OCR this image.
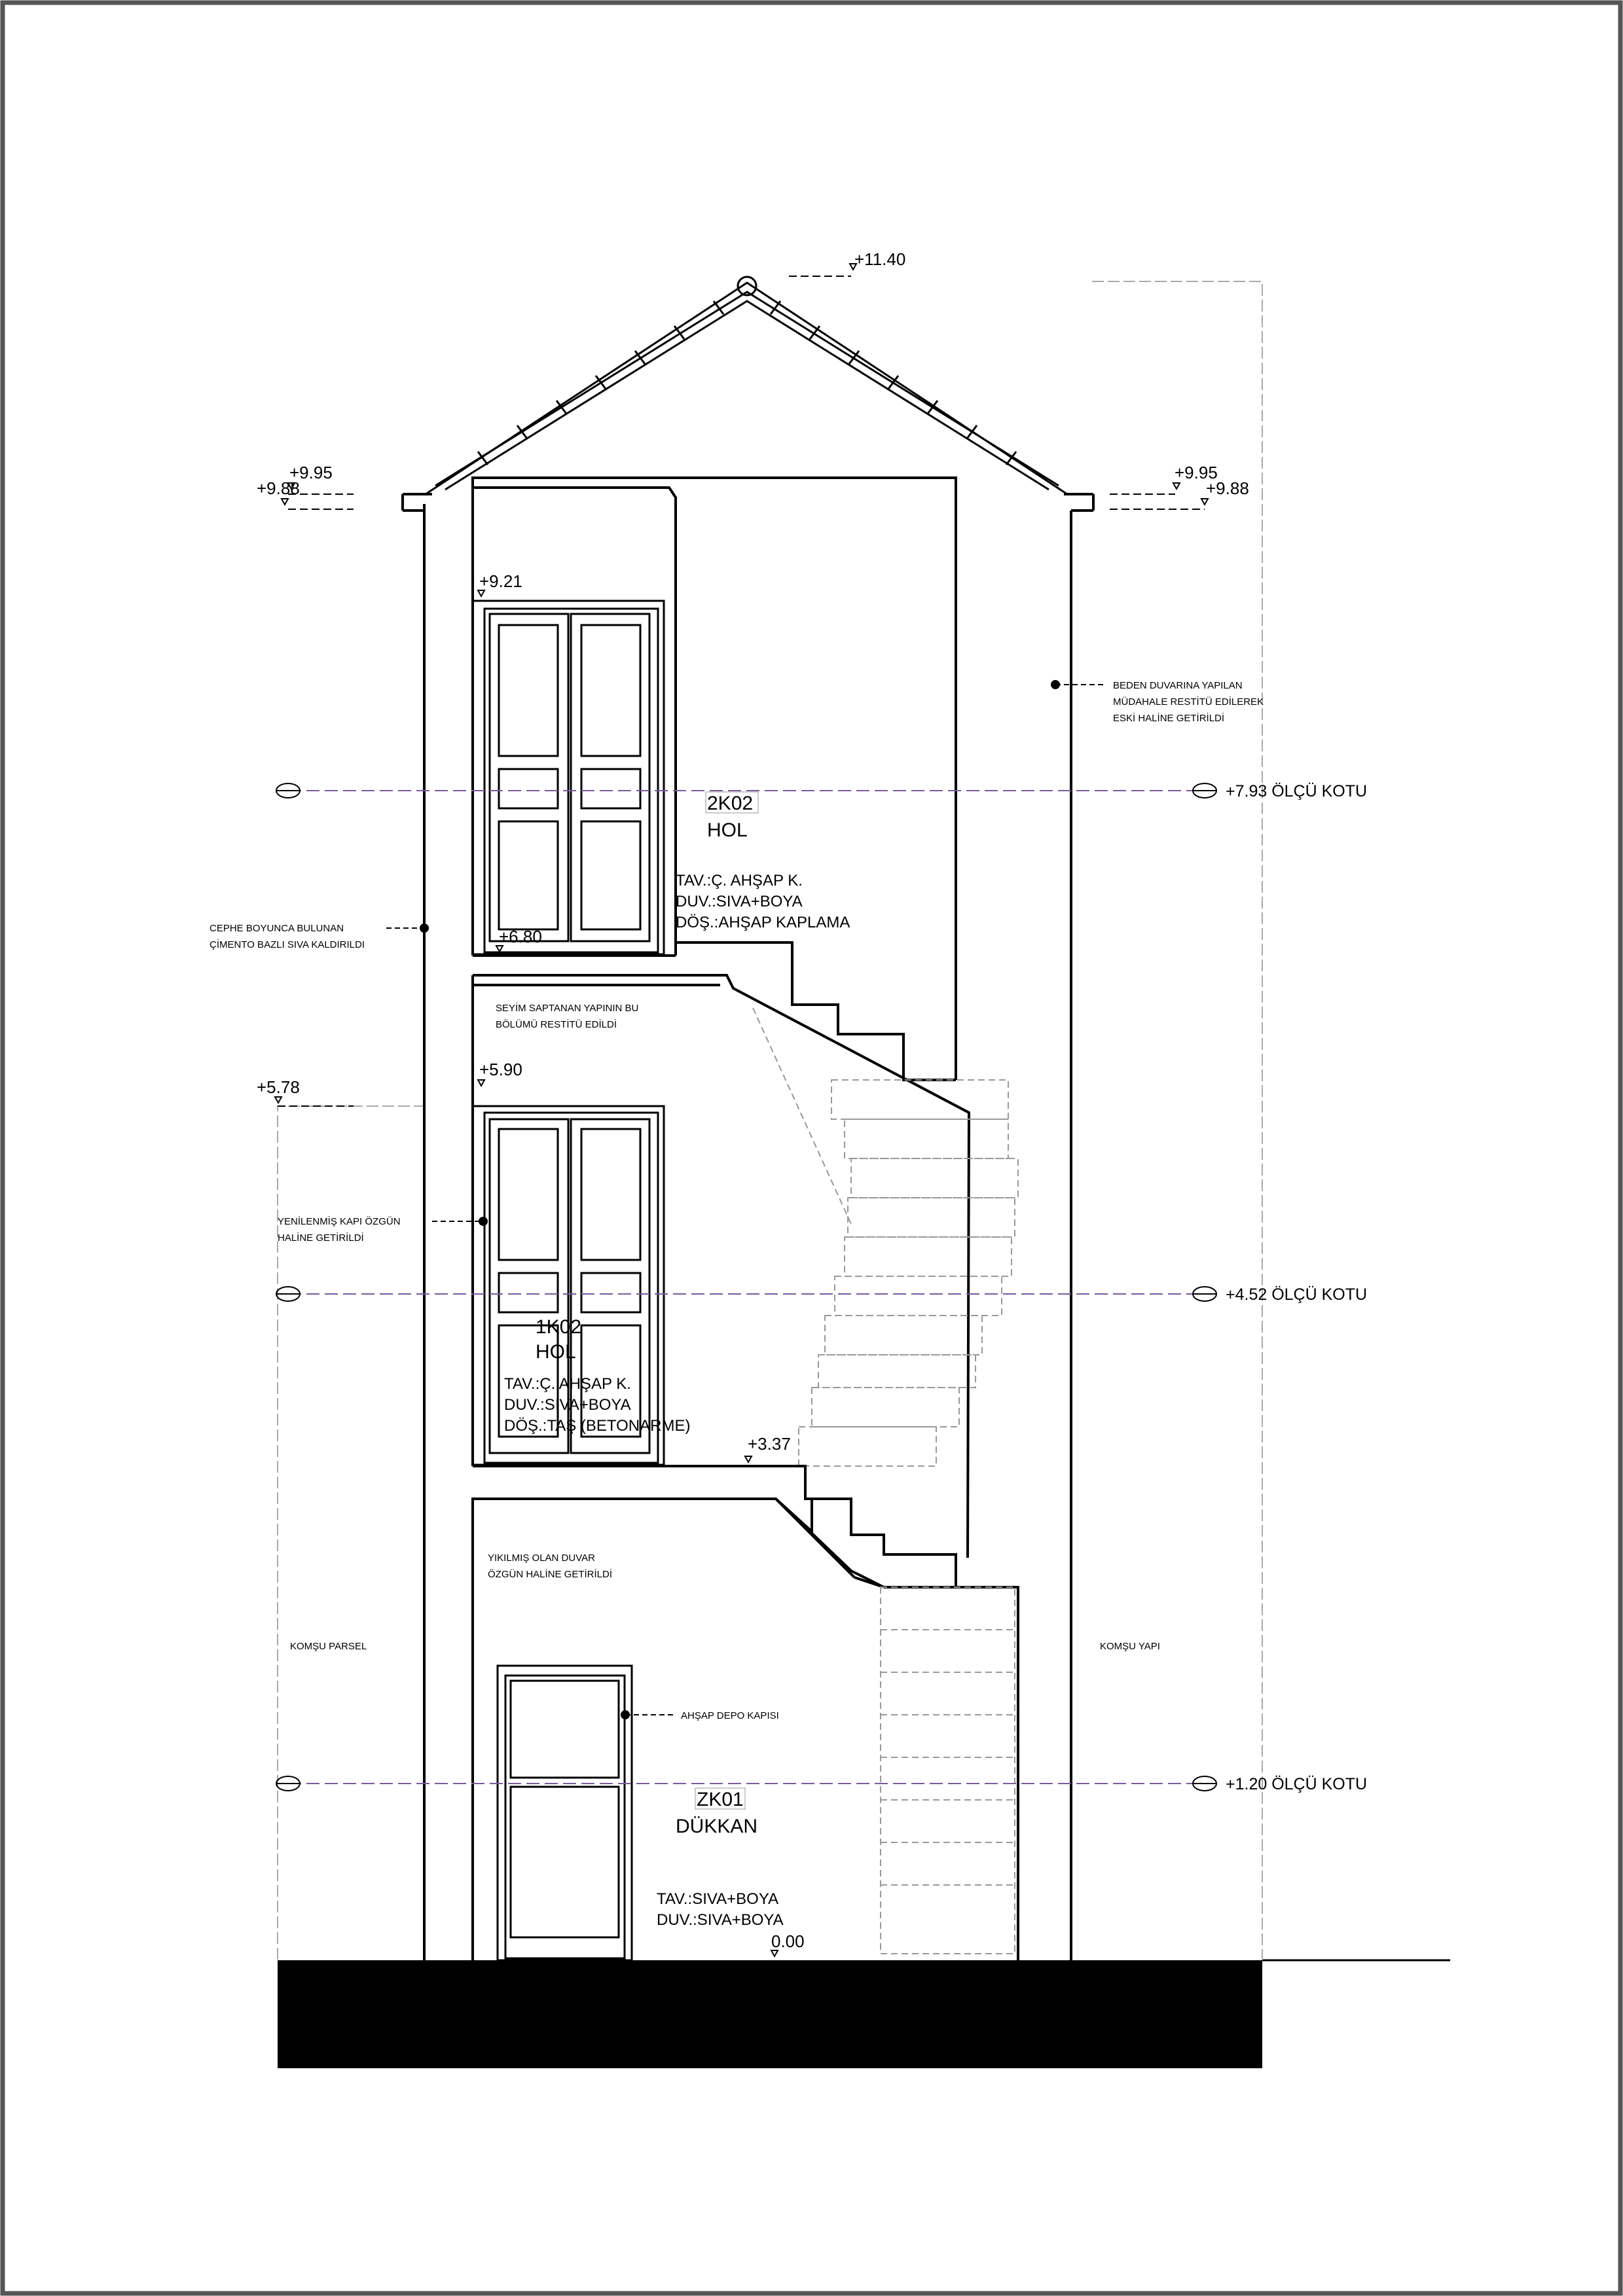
+7.93 ÖLÇÜ KOTU
+4.52 ÖLÇÜ KOTU
+1.20 ÖLÇÜ KOTU
+11.40
+9.95
+9.88
+9.95
+9.88
+9.21
+6.80
+5.90
+5.78
+3.37
0.00
BEDEN DUVARINA YAPILAN
MÜDAHALE RESTİTÜ EDİLEREK
ESKİ HALİNE GETİRİLDİ
CEPHE BOYUNCA BULUNAN
ÇİMENTO BAZLI SIVA KALDIRILDI
SEYİM SAPTANAN YAPININ BU
BÖLÜMÜ RESTİTÜ EDİLDİ
YENİLENMİŞ KAPI ÖZGÜN
HALİNE GETİRİLDİ
YIKILMIŞ OLAN DUVAR
ÖZGÜN HALİNE GETİRİLDİ
AHŞAP DEPO KAPISI
KOMŞU PARSEL	KOMŞU YAPI
2K02
HOL
TAV.:Ç. AHŞAP K.
DUV.:SIVA+BOYA
DÖŞ.:AHŞAP KAPLAMA
1K02
HOL
TAV.:Ç. AHŞAP K.
DUV.:SIVA+BOYA
DÖŞ.:TAŞ (BETONARME)
ZK01
DÜKKAN
TAV.:SIVA+BOYA
DUV.:SIVA+BOYA
